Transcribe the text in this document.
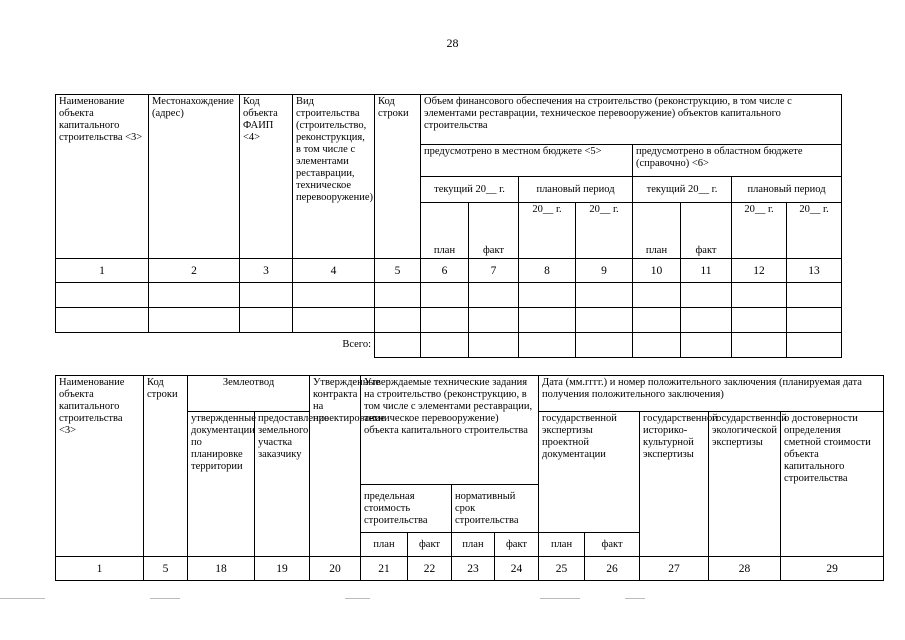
28
Наименование объекта капитального строительства <3>	Местонахождение (адрес)	Код объекта ФАИП <4>	Вид строительства (строительство, реконструкция, в том числе с элементами реставрации, техническое перевооружение)	Код строки	Объем финансового обеспечения на строительство (реконструкцию, в том числе с элементами реставрации, техническое перевооружение) объектов капитального строительства							
					предусмотрено в местном бюджете <5>				предусмотрено в областном бюджете (справочно) <6>			
					текущий 20__ г.		плановый период		текущий 20__ г.		плановый период	
					план	факт	20__ г.	20__ г.	план	факт	20__ г.	20__ г.
1	2	3	4	5	6	7	8	9	10	11	12	13

Всего:												
Наименование объекта капитального строительства <3>	Код строки	Землеотвод		Утвержденные контракта на проектирование	Утверждаемые технические задания на строительство (реконструкцию, в том числе с элементами реставрации, техническое перевооружение) объекта капитального строительства				Дата (мм.гггг.) и номер положительного заключения (планируемая дата получения положительного заключения)				
		утвержденные документации по планировке территории	предоставление земельного участка заказчику						государственной экспертизы проектной документации		государственной историко-культурной экспертизы	государственной экологической экспертизы	о достоверности определения сметной стоимости объекта капитального строительства
					предельная стоимость строительства		нормативный срок строительства						
					план	факт	план	факт	план	факт			
1	5	18	19	20	21	22	23	24	25	26	27	28	29
